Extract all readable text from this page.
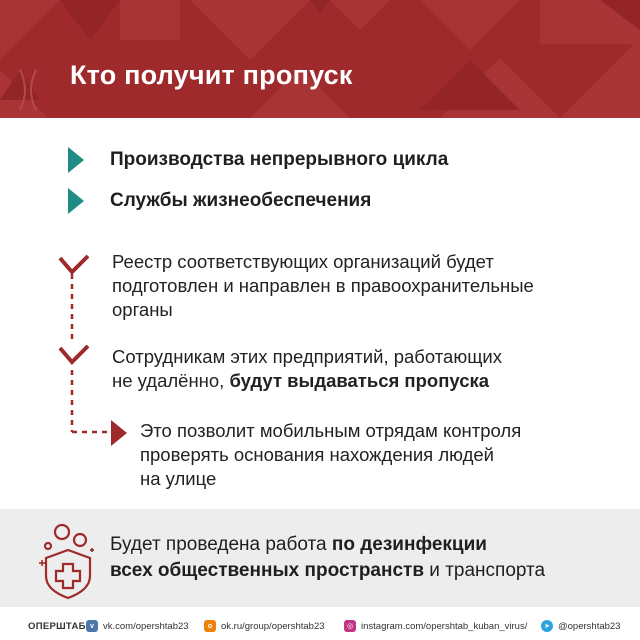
Кто получит пропуск
Производства непрерывного цикла
Службы жизнеобеспечения
Реестр соответствующих организаций будет
подготовлен и направлен в правоохранительные
органы
Сотрудникам этих предприятий, работающих
не удалённо, будут выдаваться пропуска
Это позволит мобильным отрядам контроля
проверять основания нахождения людей
на улице
Будет проведена работа по дезинфекции
всех общественных пространств и транспорта
ОПЕРШТАБ v vk.com/opershtab23	o ok.ru/group/opershtab23	◎ instagram.com/opershtab_kuban_virus/	➤ @opershtab23
